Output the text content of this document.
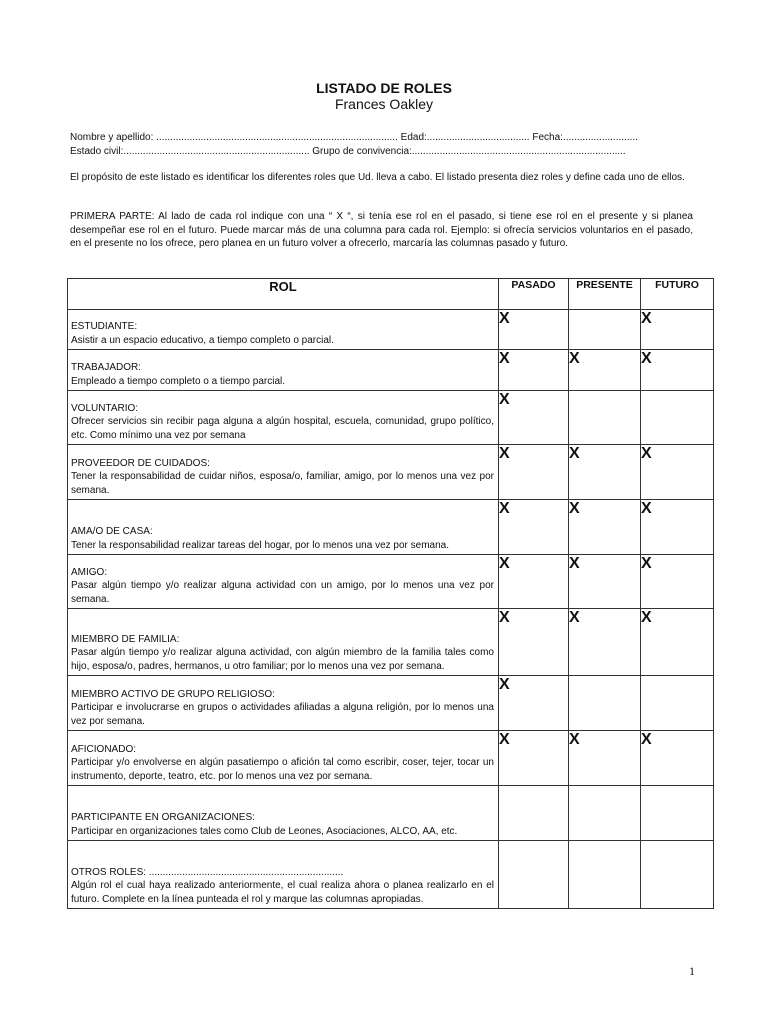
LISTADO DE ROLES
Frances Oakley
Nombre y apellido: ....................................................................................... Edad:..................................... Fecha:...........................
Estado civil:................................................................... Grupo de convivencia:.............................................................................
El propósito de este listado es identificar los diferentes roles que Ud. lleva a cabo. El listado presenta diez roles y define cada uno de ellos.
PRIMERA PARTE: Al lado de cada rol indique con una “ X “, si tenía ese rol en el pasado, si tiene ese rol en el presente y si planea desempeñar ese rol en el futuro. Puede marcar más de una columna para cada rol. Ejemplo: si ofrecía servicios voluntarios en el pasado, en el presente no los ofrece, pero planea en un futuro volver a ofrecerlo, marcaría las columnas pasado y futuro.
ROL	PASADO	PRESENTE	FUTURO

ESTUDIANTE:
Asistir a un espacio educativo, a tiempo completo o parcial.	X		X

TRABAJADOR:
Empleado a tiempo completo o a tiempo parcial.	X	X	X

VOLUNTARIO:
Ofrecer servicios sin recibir paga alguna a algún hospital, escuela, comunidad, grupo político, etc. Como mínimo una vez por semana	X		

PROVEEDOR DE CUIDADOS:
Tener la responsabilidad de cuidar niños, esposa/o, familiar, amigo, por lo menos una vez por semana.	X	X	X

AMA/O DE CASA:
Tener la responsabilidad realizar tareas del hogar, por lo menos una vez por semana.	X	X	X

AMIGO:
Pasar algún tiempo y/o realizar alguna actividad con un amigo, por lo menos una vez por semana.	X	X	X

MIEMBRO DE FAMILIA:
Pasar algún tiempo y/o realizar alguna actividad, con algún miembro de la familia tales como hijo, esposa/o, padres, hermanos, u otro familiar; por lo menos una vez por semana.	X	X	X

MIEMBRO ACTIVO DE GRUPO RELIGIOSO:
Participar e involucrarse en grupos o actividades afiliadas a alguna religión, por lo menos una vez por semana.	X		

AFICIONADO:
Participar y/o envolverse en algún pasatiempo o afición tal como escribir, coser, tejer, tocar un instrumento, deporte, teatro, etc. por lo menos una vez por semana.	X	X	X

PARTICIPANTE EN ORGANIZACIONES:
Participar en organizaciones tales como Club de Leones, Asociaciones, ALCO, AA, etc.			

OTROS ROLES: ......................................................................
Algún rol el cual haya realizado anteriormente, el cual realiza ahora o planea realizarlo en el futuro. Complete en la línea punteada el rol y marque las columnas apropiadas.			

1
